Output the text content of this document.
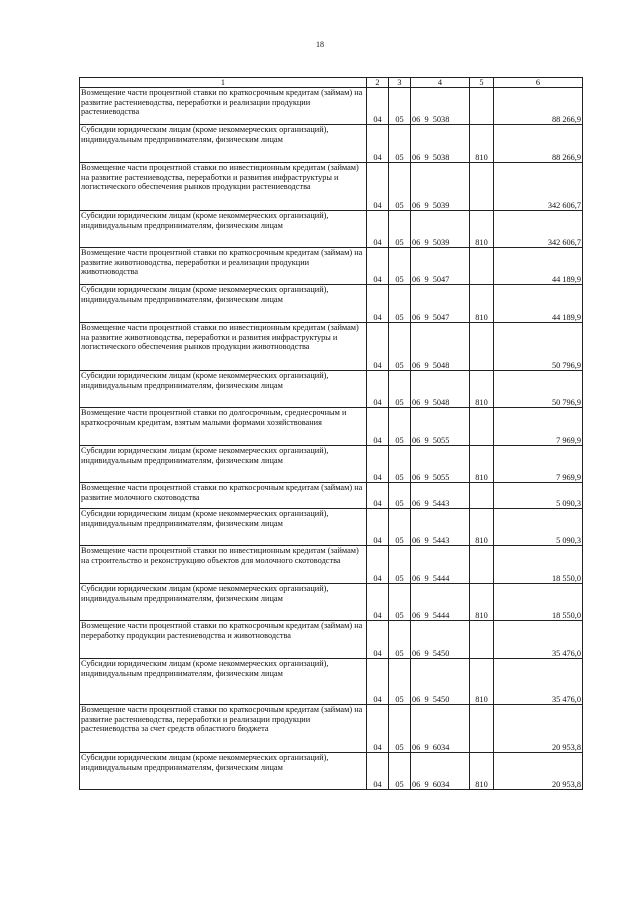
18
1	2	3	4	5	6
Возмещение части процентной ставки по краткосрочным кредитам (займам) на развитие растениеводства, переработки и реализации продукции растениеводства	04	05	06  9  5038		88 266,9
Субсидии юридическим лицам (кроме некоммерческих организаций), индивидуальным предпринимателям, физическим лицам	04	05	06  9  5038	810	88 266,9
Возмещение части процентной ставки по инвестиционным кредитам (займам) на развитие растениеводства, переработки и развития инфраструктуры и логистического обеспечения рынков продукции растениеводства	04	05	06  9  5039		342 606,7
Субсидии юридическим лицам (кроме некоммерческих организаций), индивидуальным предпринимателям, физическим лицам	04	05	06  9  5039	810	342 606,7
Возмещение части процентной ставки по краткосрочным кредитам (займам) на развитие животноводства, переработки и реализации продукции животноводства	04	05	06  9  5047		44 189,9
Субсидии юридическим лицам (кроме некоммерческих организаций), индивидуальным предпринимателям, физическим лицам	04	05	06  9  5047	810	44 189,9
Возмещение части процентной ставки по инвестиционным кредитам (займам) на развитие животноводства, переработки и развития инфраструктуры и логистического обеспечения рынков продукции животноводства	04	05	06  9  5048		50 796,9
Субсидии юридическим лицам (кроме некоммерческих организаций), индивидуальным предпринимателям, физическим лицам	04	05	06  9  5048	810	50 796,9
Возмещение части процентной ставки по долгосрочным, среднесрочным и краткосрочным кредитам, взятым малыми формами хозяйствования	04	05	06  9  5055		7 969,9
Субсидии юридическим лицам (кроме некоммерческих организаций), индивидуальным предпринимателям, физическим лицам	04	05	06  9  5055	810	7 969,9
Возмещение части процентной ставки по краткосрочным кредитам (займам) на развитие молочного скотоводства	04	05	06  9  5443		5 090,3
Субсидии юридическим лицам (кроме некоммерческих организаций), индивидуальным предпринимателям, физическим лицам	04	05	06  9  5443	810	5 090,3
Возмещение части процентной ставки по инвестиционным кредитам (займам) на строительство и реконструкцию объектов для молочного скотоводства	04	05	06  9  5444		18 550,0
Субсидии юридическим лицам (кроме некоммерческих организаций), индивидуальным предпринимателям, физическим лицам	04	05	06  9  5444	810	18 550,0
Возмещение части процентной ставки по краткосрочным кредитам (займам) на переработку продукции растениеводства и животноводства	04	05	06  9  5450		35 476,0
Субсидии юридическим лицам (кроме некоммерческих организаций), индивидуальным предпринимателям, физическим лицам	04	05	06  9  5450	810	35 476,0
Возмещение части процентной ставки по краткосрочным кредитам (займам) на развитие растениеводства, переработки и реализации продукции растениеводства за счет средств областного бюджета	04	05	06  9  6034		20 953,8
Субсидии юридическим лицам (кроме некоммерческих организаций), индивидуальным предпринимателям, физическим лицам	04	05	06  9  6034	810	20 953,8
